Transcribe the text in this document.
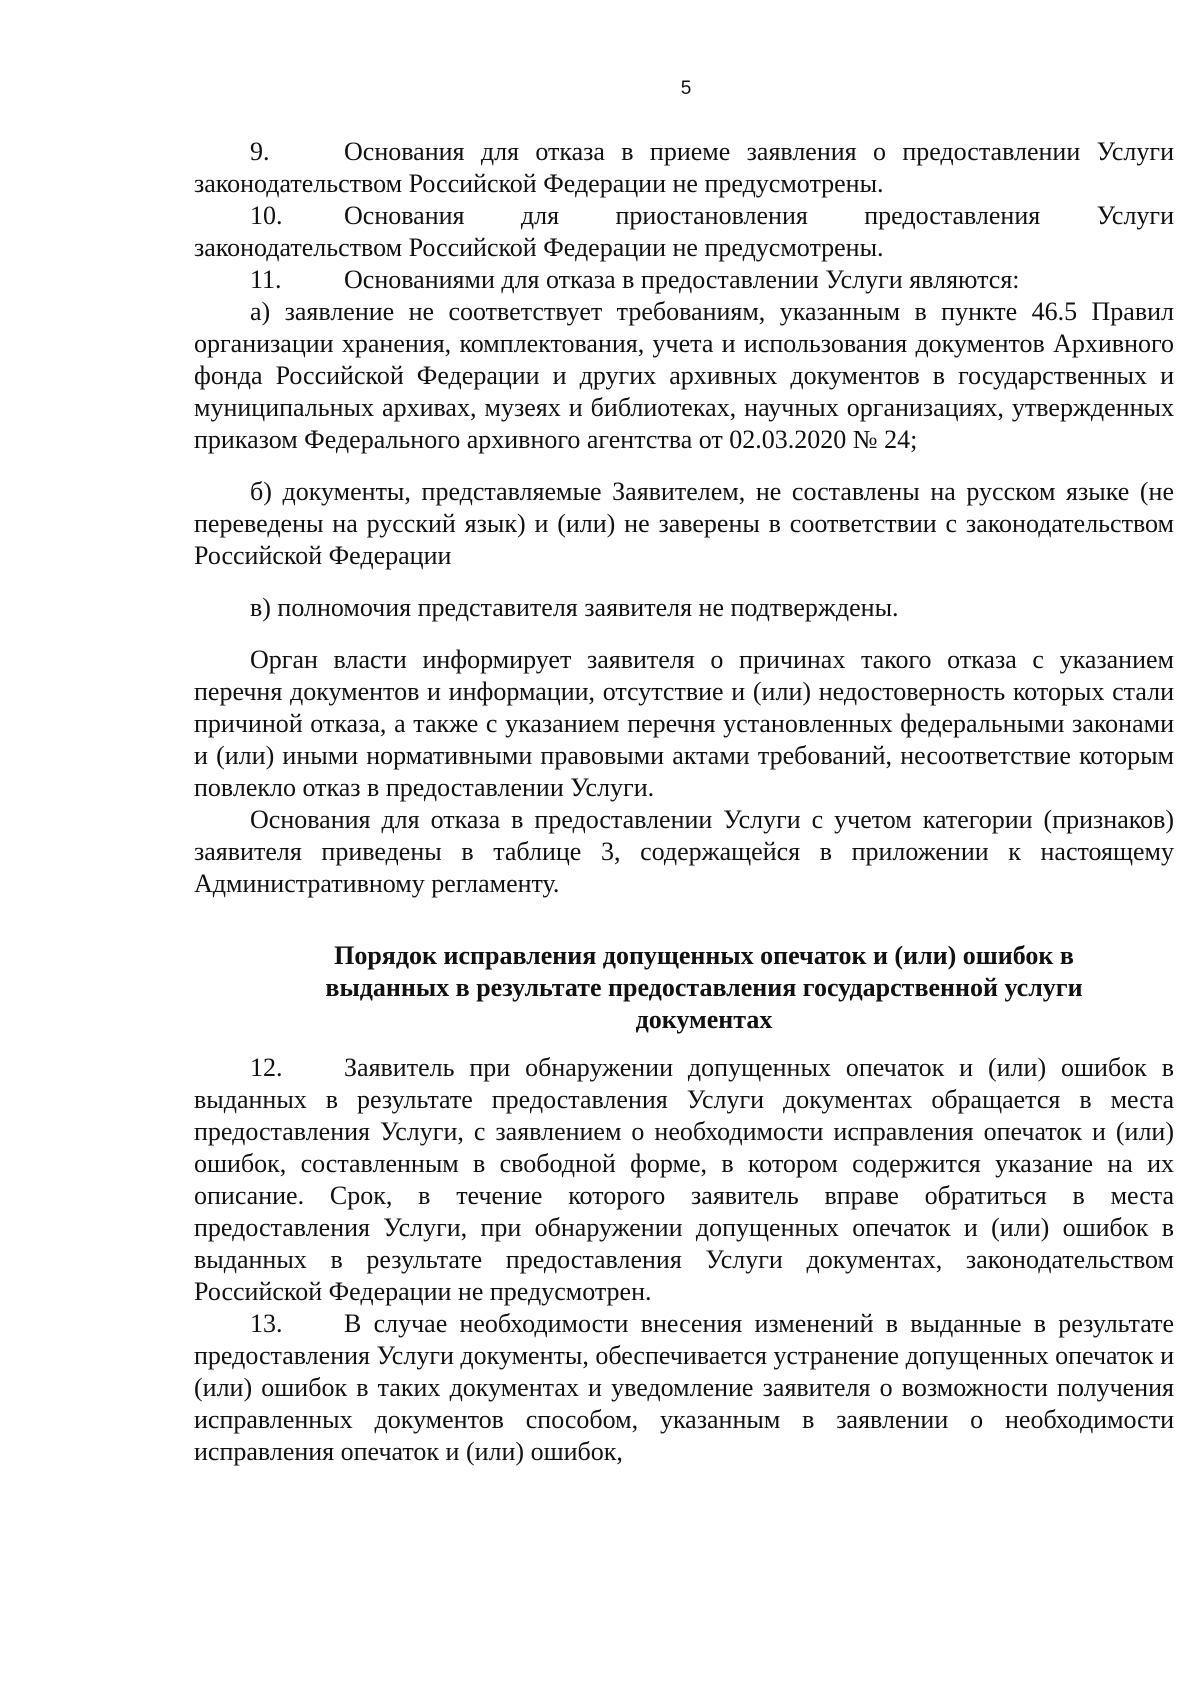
5

9.	Основания для отказа в приеме заявления о предоставлении Услуги законодательством Российской Федерации не предусмотрены.

10. Основания для приостановления предоставления Услуги законодательством Российской Федерации не предусмотрены.

11. Основаниями для отказа в предоставлении Услуги являются:

а) заявление не соответствует требованиям, указанным в пункте 46.5 Правил организации хранения, комплектования, учета и использования документов Архивного фонда Российской Федерации и других архивных документов в государственных и муниципальных архивах, музеях и библиотеках, научных организациях, утвержденных приказом Федерального архивного агентства от 02.03.2020 № 24;

б) документы, представляемые Заявителем, не составлены на русском языке (не переведены на русский язык) и (или) не заверены в соответствии с законодательством Российской Федерации

в) полномочия представителя заявителя не подтверждены.

Орган власти информирует заявителя о причинах такого отказа с указанием перечня документов и информации, отсутствие и (или) недостоверность которых стали причиной отказа, а также с указанием перечня установленных федеральными законами и (или) иными нормативными правовыми актами требований, несоответствие которым повлекло отказ в предоставлении Услуги.

Основания для отказа в предоставлении Услуги с учетом категории (признаков) заявителя приведены в таблице 3, содержащейся в приложении к настоящему Административному регламенту.

Порядок исправления допущенных опечаток и (или) ошибок в
выданных в результате предоставления государственной услуги
документах

12. Заявитель при обнаружении допущенных опечаток и (или) ошибок в выданных в результате предоставления Услуги документах обращается в места предоставления Услуги, с заявлением о необходимости исправления опечаток и (или) ошибок, составленным в свободной форме, в котором содержится указание на их описание. Срок, в течение которого заявитель вправе обратиться в места предоставления Услуги, при обнаружении допущенных опечаток и (или) ошибок в выданных в результате предоставления Услуги документах, законодательством Российской Федерации не предусмотрен.

13. В случае необходимости внесения изменений в выданные в результате предоставления Услуги документы, обеспечивается устранение допущенных опечаток и (или) ошибок в таких документах и уведомление заявителя о возможности получения исправленных документов способом, указанным в заявлении о необходимости исправления опечаток и (или) ошибок,
